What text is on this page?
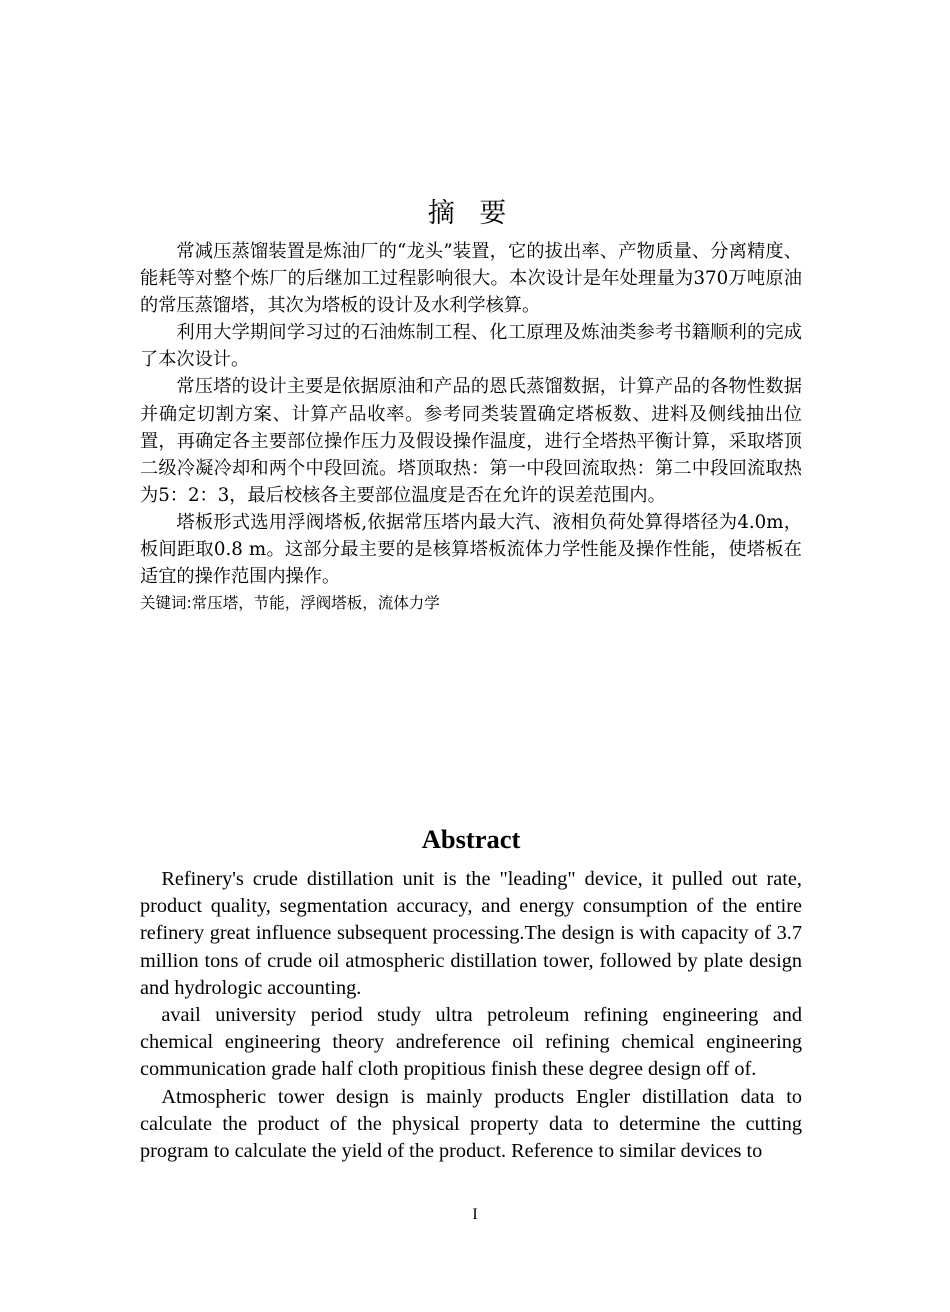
摘 要

常减压蒸馏装置是炼油厂的“龙头”装置，它的拔出率、产物质量、分离精度、能耗等对整个炼厂的后继加工过程影响很大。本次设计是年处理量为370万吨原油的常压蒸馏塔，其次为塔板的设计及水利学核算。

利用大学期间学习过的石油炼制工程、化工原理及炼油类参考书籍顺利的完成了本次设计。

常压塔的设计主要是依据原油和产品的恩氏蒸馏数据，计算产品的各物性数据并确定切割方案、计算产品收率。参考同类装置确定塔板数、进料及侧线抽出位置，再确定各主要部位操作压力及假设操作温度，进行全塔热平衡计算，采取塔顶二级冷凝冷却和两个中段回流。塔顶取热：第一中段回流取热：第二中段回流取热为5：2：3，最后校核各主要部位温度是否在允许的误差范围内。

塔板形式选用浮阀塔板,依据常压塔内最大汽、液相负荷处算得塔径为4.0m，板间距取0.8 m。这部分最主要的是核算塔板流体力学性能及操作性能，使塔板在适宜的操作范围内操作。

关键词:常压塔，节能，浮阀塔板，流体力学

Abstract

Refinery's crude distillation unit is the "leading" device, it pulled out rate, product quality, segmentation accuracy, and energy consumption of the entire refinery great influence subsequent processing.The design is with capacity of 3.7 million tons of crude oil atmospheric distillation tower, followed by plate design and hydrologic accounting.

avail university period study ultra petroleum refining engineering and chemical engineering theory andreference oil refining chemical engineering communication grade half cloth propitious finish these degree design off of.

Atmospheric tower design is mainly products Engler distillation data to calculate the product of the physical property data to determine the cutting program to calculate the yield of the product. Reference to similar devices to

I
